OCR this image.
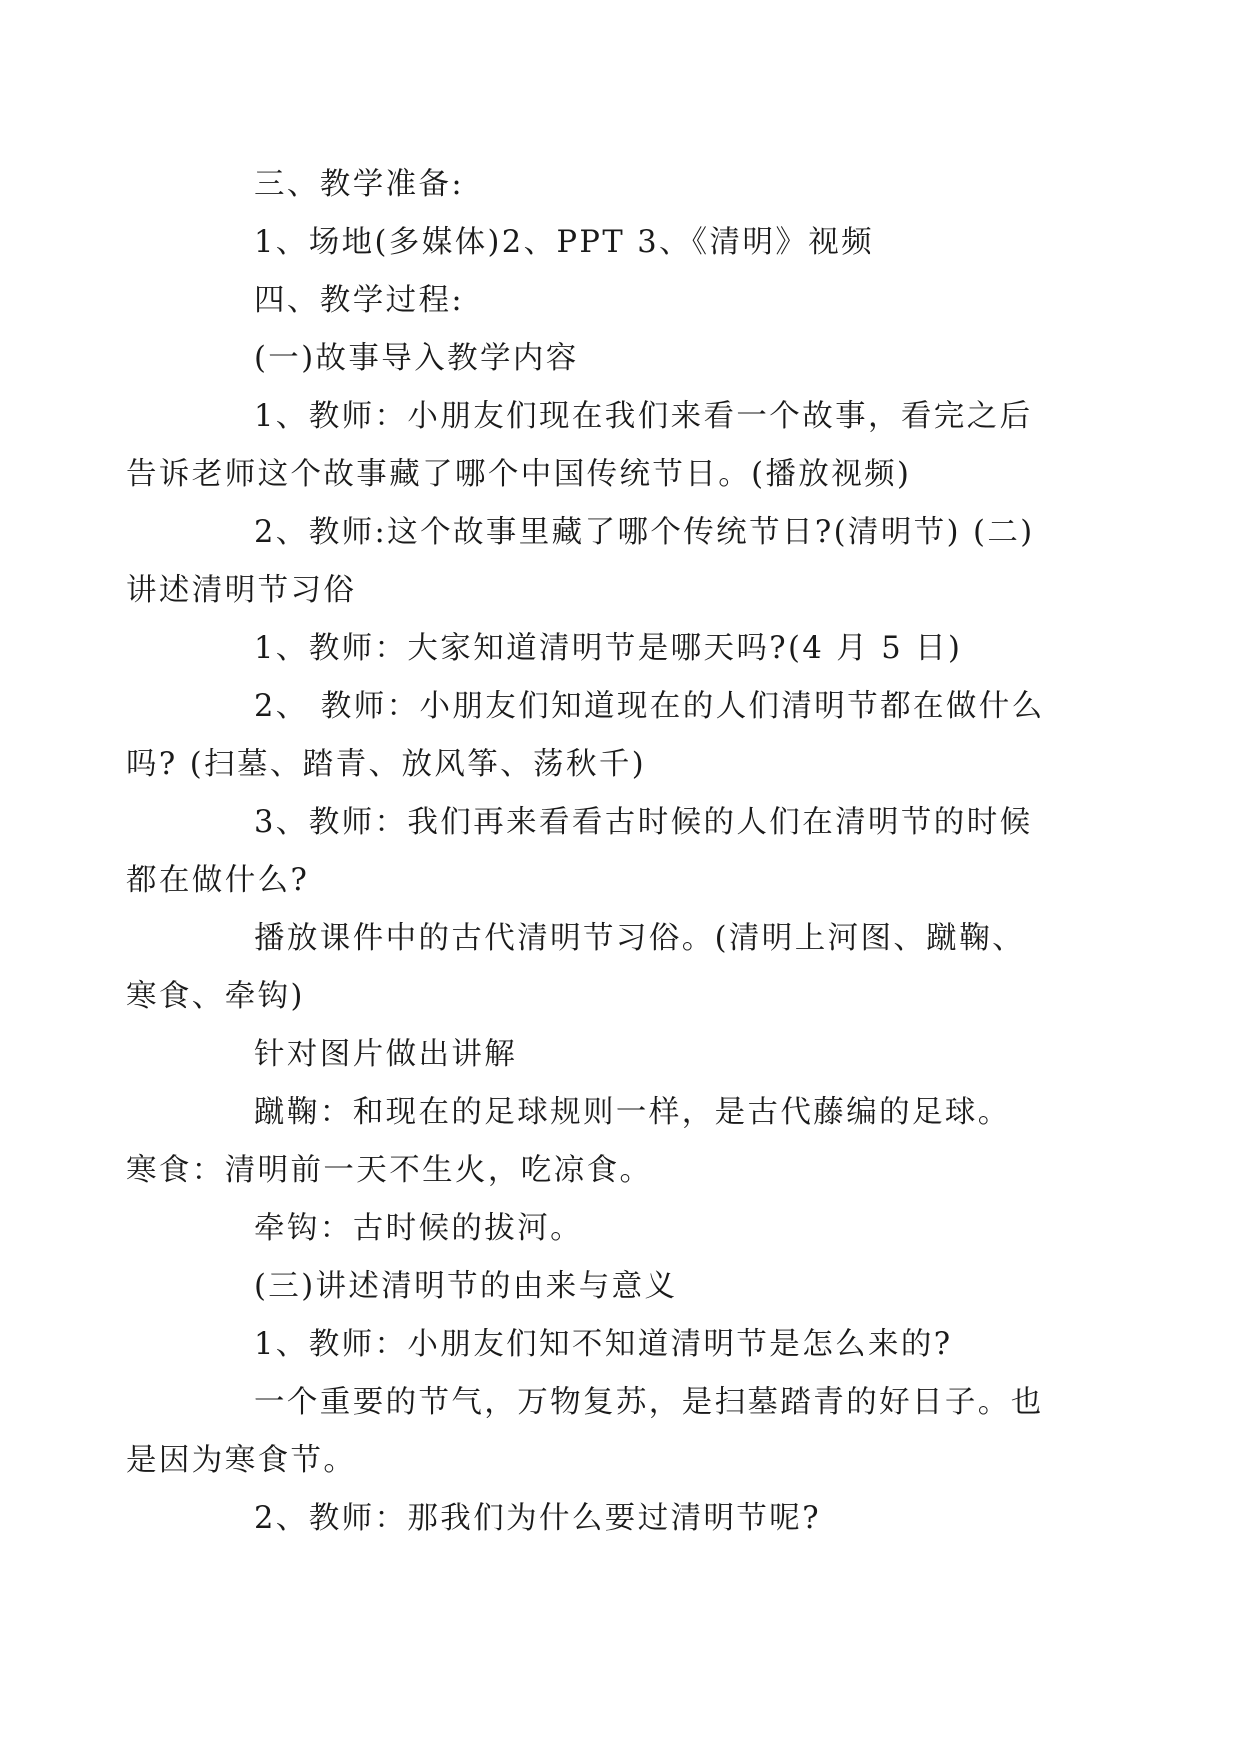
三、教学准备:

1、场地(多媒体)2、PPT 3、《清明》视频

四、教学过程:

(一)故事导入教学内容

1、教师：小朋友们现在我们来看一个故事，看完之后
告诉老师这个故事藏了哪个中国传统节日。(播放视频)

2、教师:这个故事里藏了哪个传统节日?(清明节) (二)
讲述清明节习俗

1、教师：大家知道清明节是哪天吗?(4 月 5 日)

2、 教师：小朋友们知道现在的人们清明节都在做什么
吗? (扫墓、踏青、放风筝、荡秋千)

3、教师：我们再来看看古时候的人们在清明节的时候
都在做什么?

播放课件中的古代清明节习俗。(清明上河图、蹴鞠、
寒食、牵钩)

针对图片做出讲解

蹴鞠：和现在的足球规则一样，是古代藤编的足球。
寒食：清明前一天不生火，吃凉食。

牵钩：古时候的拔河。

(三)讲述清明节的由来与意义

1、教师：小朋友们知不知道清明节是怎么来的?

一个重要的节气，万物复苏，是扫墓踏青的好日子。也
是因为寒食节。

2、教师：那我们为什么要过清明节呢?
